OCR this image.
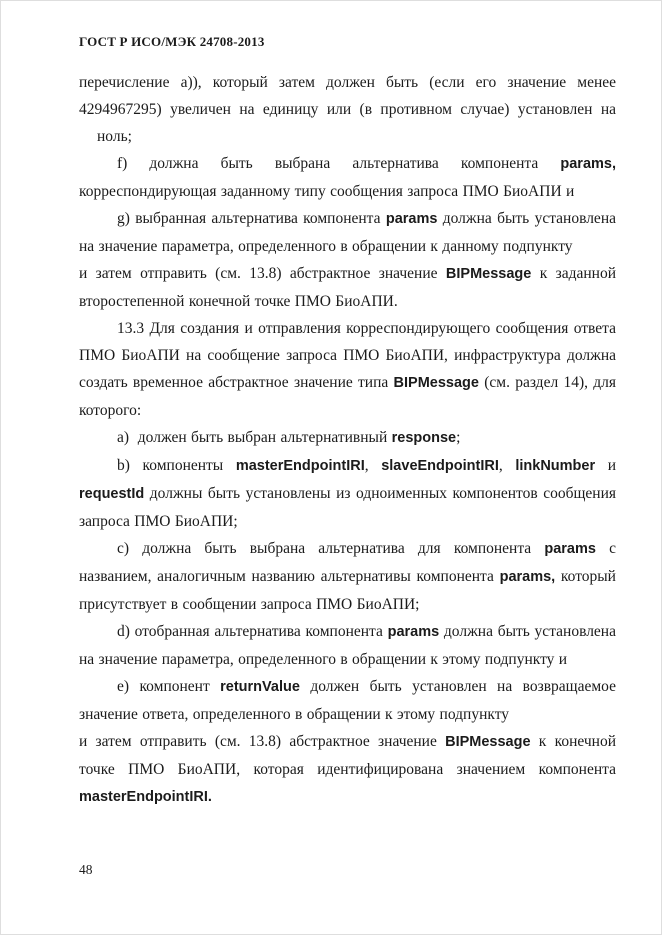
ГОСТ Р ИСО/МЭК 24708-2013

перечисление а)), который затем должен быть (если его значение менее 4294967295) увеличен на единицу или (в противном случае) установлен на

ноль;

f) должна быть выбрана альтернатива компонента params, корреспондирующая заданному типу сообщения запроса ПМО БиоАПИ и

g) выбранная альтернатива компонента params должна быть установлена на значение параметра, определенного в обращении к данному подпункту

и затем отправить (см. 13.8) абстрактное значение BIPMessage к заданной второстепенной конечной точке ПМО БиоАПИ.

13.3 Для создания и отправления корреспондирующего сообщения ответа ПМО БиоАПИ на сообщение запроса ПМО БиоАПИ, инфраструктура должна создать временное абстрактное значение типа BIPMessage (см. раздел 14), для которого:

a)  должен быть выбран альтернативный response;

b) компоненты masterEndpointIRI, slaveEndpointIRI, linkNumber и requestId должны быть установлены из одноименных компонентов сообщения запроса ПМО БиоАПИ;

c) должна быть выбрана альтернатива для компонента params с названием, аналогичным названию альтернативы компонента params, который присутствует в сообщении запроса ПМО БиоАПИ;

d) отобранная альтернатива компонента params должна быть установлена на значение параметра, определенного в обращении к этому подпункту и

e) компонент returnValue должен быть установлен на возвращаемое значение ответа, определенного в обращении к этому подпункту

и затем отправить (см. 13.8) абстрактное значение BIPMessage к конечной точке ПМО БиоАПИ, которая идентифицирована значением компонента masterEndpointIRI.

48
